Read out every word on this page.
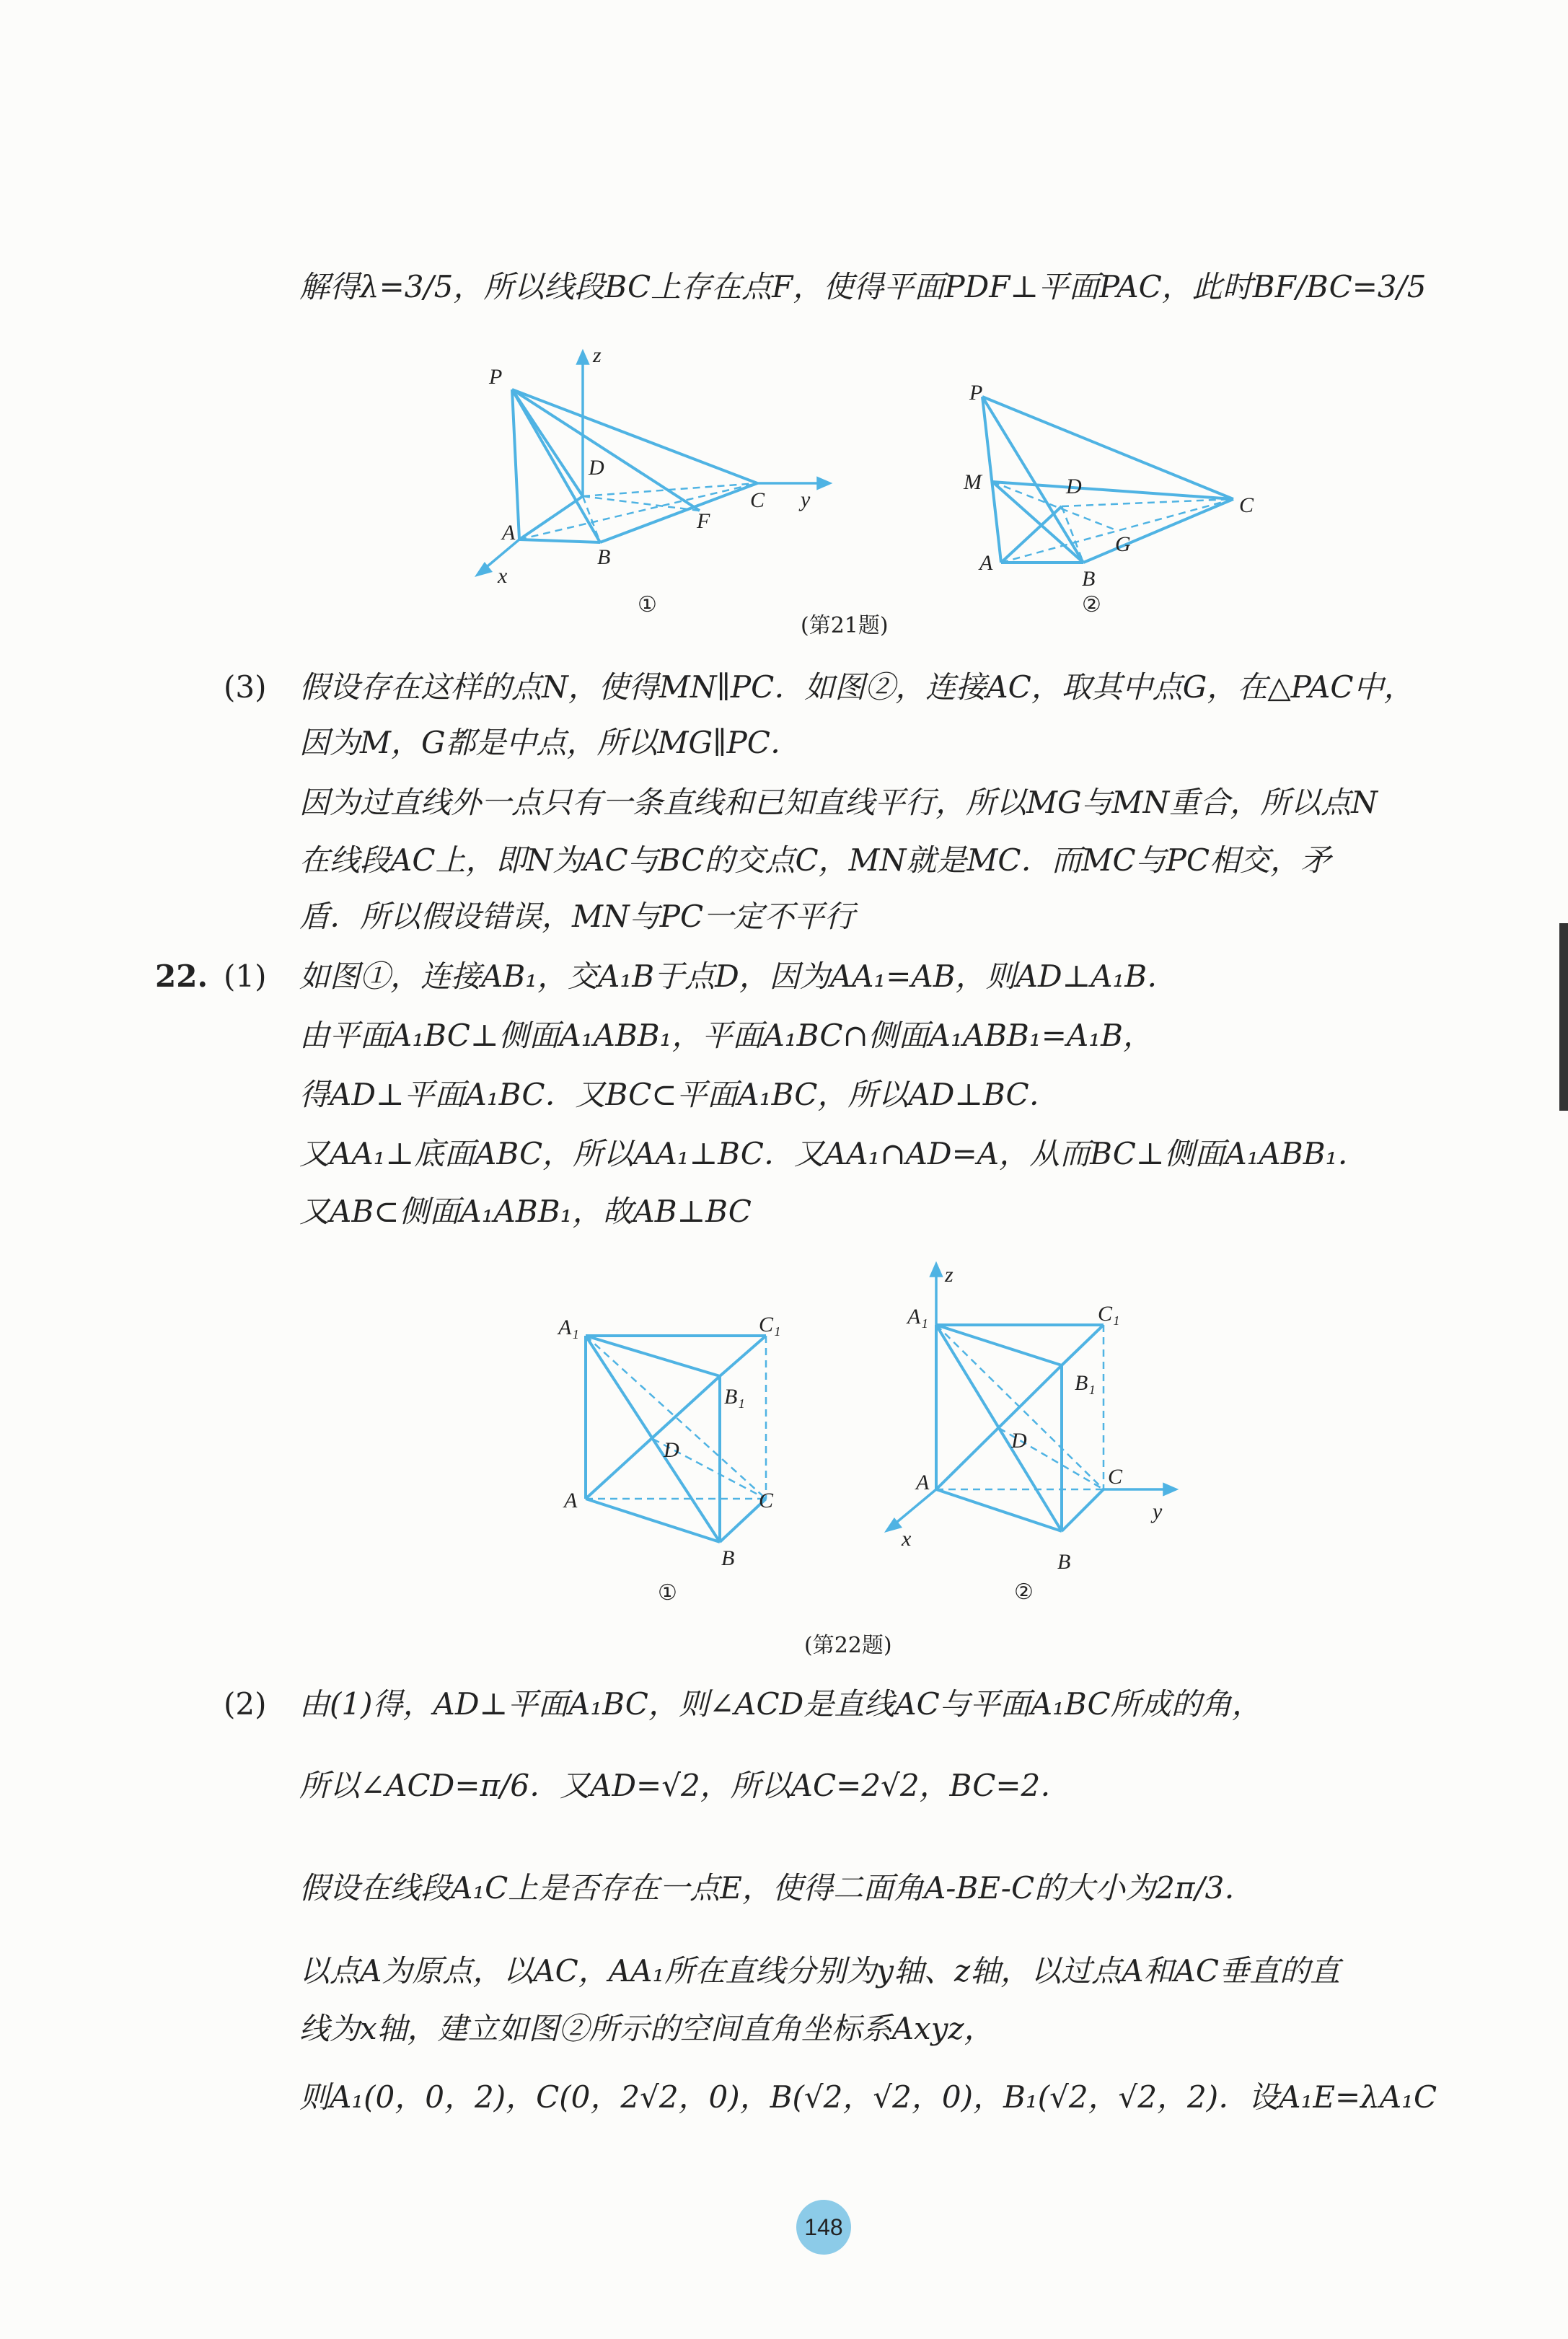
解得λ=3/5，所以线段BC上存在点F，使得平面PDF⊥平面PAC，此时BF/BC=3/5
P
z
D
C y
A	F
B
x
①
P
M	D
C
G
A
B
②
(第21题)
(3) 假设存在这样的点N，使得MN∥PC．如图②，连接AC，取其中点G，在△PAC中，
因为M，G都是中点，所以MG∥PC．
因为过直线外一点只有一条直线和已知直线平行，所以MG与MN重合，所以点N
在线段AC上，即N为AC与BC的交点C，MN就是MC．而MC与PC相交，矛
盾．所以假设错误，MN与PC一定不平行
22. (1) 如图①，连接AB₁，交A₁B于点D，因为AA₁=AB，则AD⊥A₁B．
由平面A₁BC⊥侧面A₁ABB₁，平面A₁BC∩侧面A₁ABB₁=A₁B，
得AD⊥平面A₁BC．又BC⊂平面A₁BC，所以AD⊥BC．
又AA₁⊥底面ABC，所以AA₁⊥BC．又AA₁∩AD=A，从而BC⊥侧面A₁ABB₁．
又AB⊂侧面A₁ABB₁，故AB⊥BC
A₁	C₁
B₁
D
A	C
B
①
z
A₁	C₁
B₁
D
A	C
y
x
B
②
(第22题)
(2) 由(1)得，AD⊥平面A₁BC，则∠ACD是直线AC与平面A₁BC所成的角，
所以∠ACD=π/6．又AD=√2，所以AC=2√2，BC=2．
假设在线段A₁C上是否存在一点E，使得二面角A-BE-C的大小为2π/3．
以点A为原点，以AC，AA₁所在直线分别为y轴、z轴，以过点A和AC垂直的直
线为x轴，建立如图②所示的空间直角坐标系Axyz，
则A₁(0，0，2)，C(0，2√2，0)，B(√2，√2，0)，B₁(√2，√2，2)．设A₁E=λA₁C
148
